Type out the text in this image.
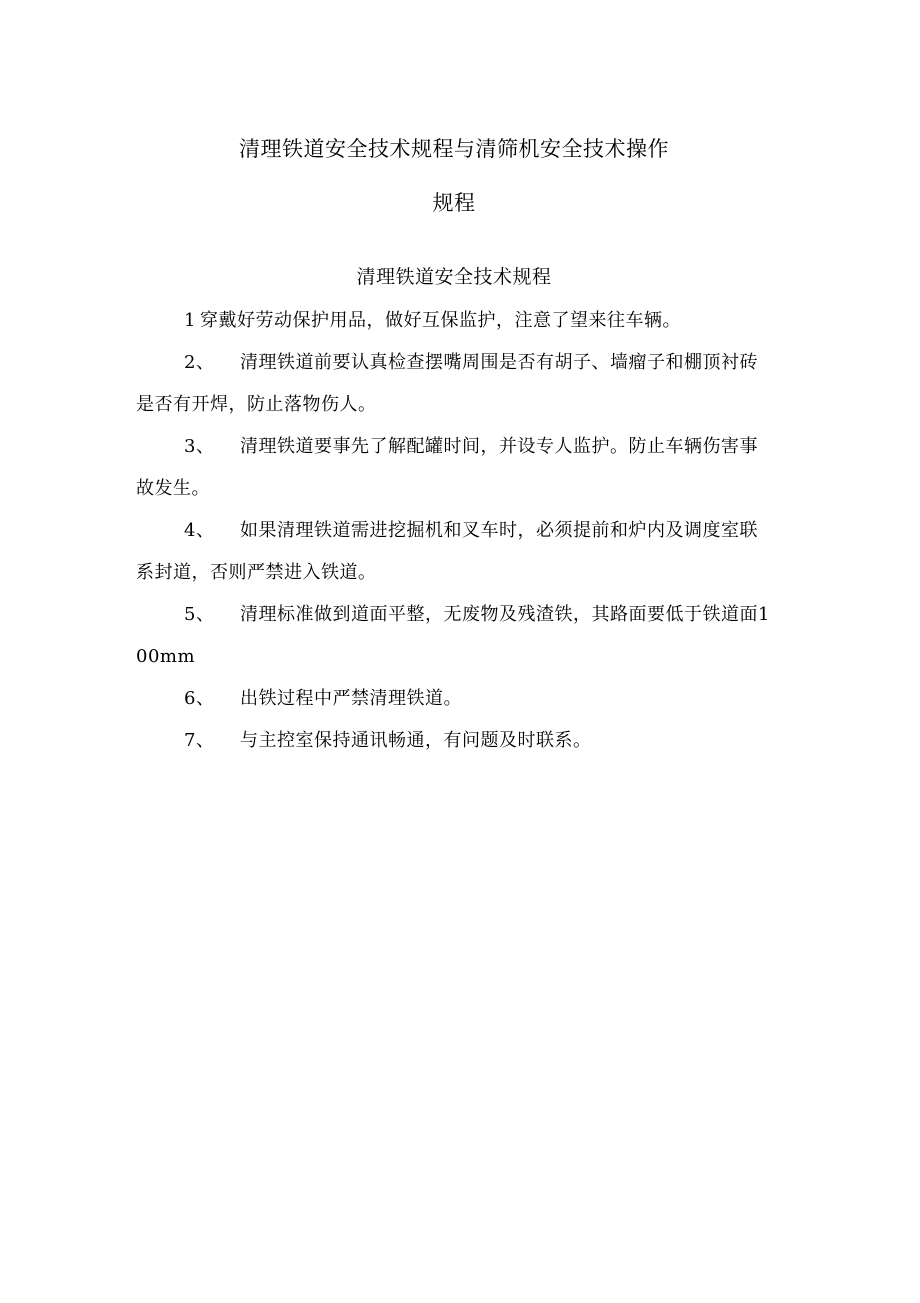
清理铁道安全技术规程与清筛机安全技术操作
规程
清理铁道安全技术规程

1 穿戴好劳动保护用品，做好互保监护，注意了望来往车辆。

2、 清理铁道前要认真检查摆嘴周围是否有胡子、墙瘤子和棚顶衬砖是否有开焊，防止落物伤人。

3、 清理铁道要事先了解配罐时间，并设专人监护。防止车辆伤害事故发生。

4、 如果清理铁道需进挖掘机和叉车时，必须提前和炉内及调度室联系封道，否则严禁进入铁道。

5、 清理标准做到道面平整，无废物及残渣铁，其路面要低于铁道面100mm

6、 出铁过程中严禁清理铁道。

7、 与主控室保持通讯畅通，有问题及时联系。
